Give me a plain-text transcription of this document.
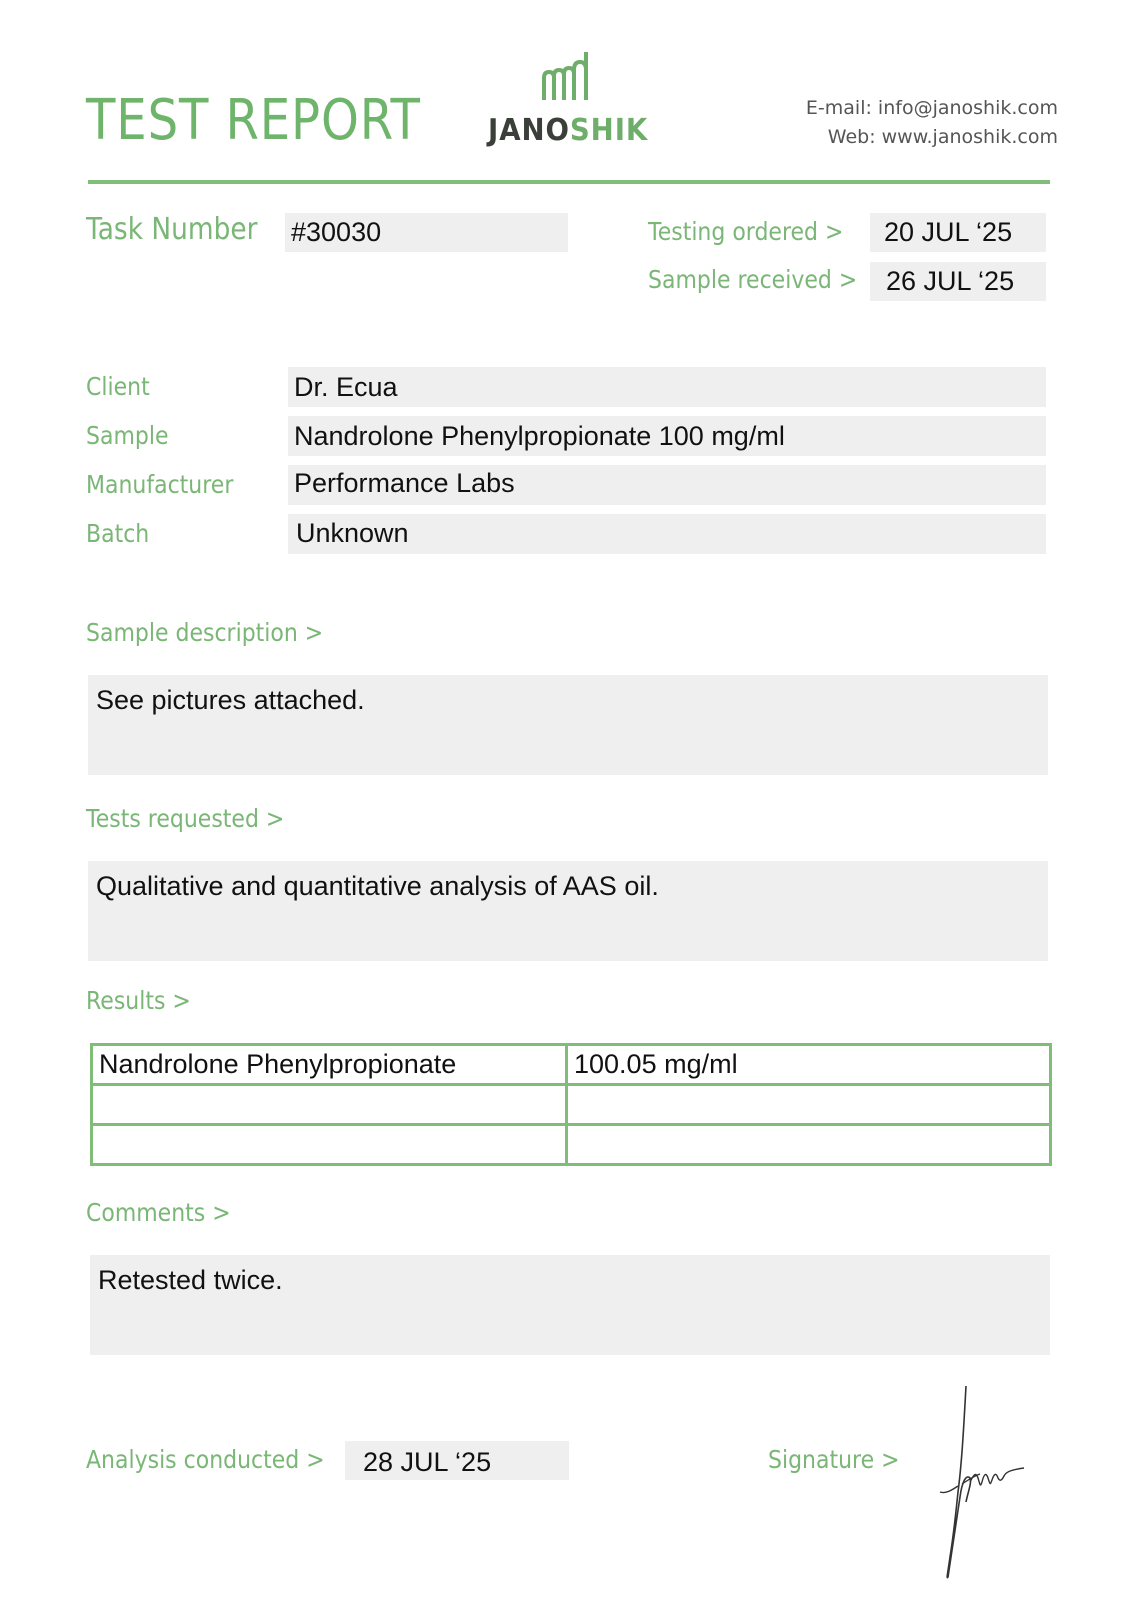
TEST REPORT JANOSHIK
E-mail: info@janoshik.com
Web: www.janoshik.com
Task Number #30030	Testing ordered >	20 JUL ‘25
Sample received >	26 JUL ‘25
Client	Dr. Ecua
Sample	Nandrolone Phenylpropionate 100 mg/ml
Manufacturer Performance Labs
Batch	Unknown
Sample description >
See pictures attached.
Tests requested >
Qualitative and quantitative analysis of AAS oil.
Results >
Nandrolone Phenylpropionate	100.05 mg/ml

Comments >
Retested twice.
Analysis conducted >	28 JUL ‘25	Signature >
